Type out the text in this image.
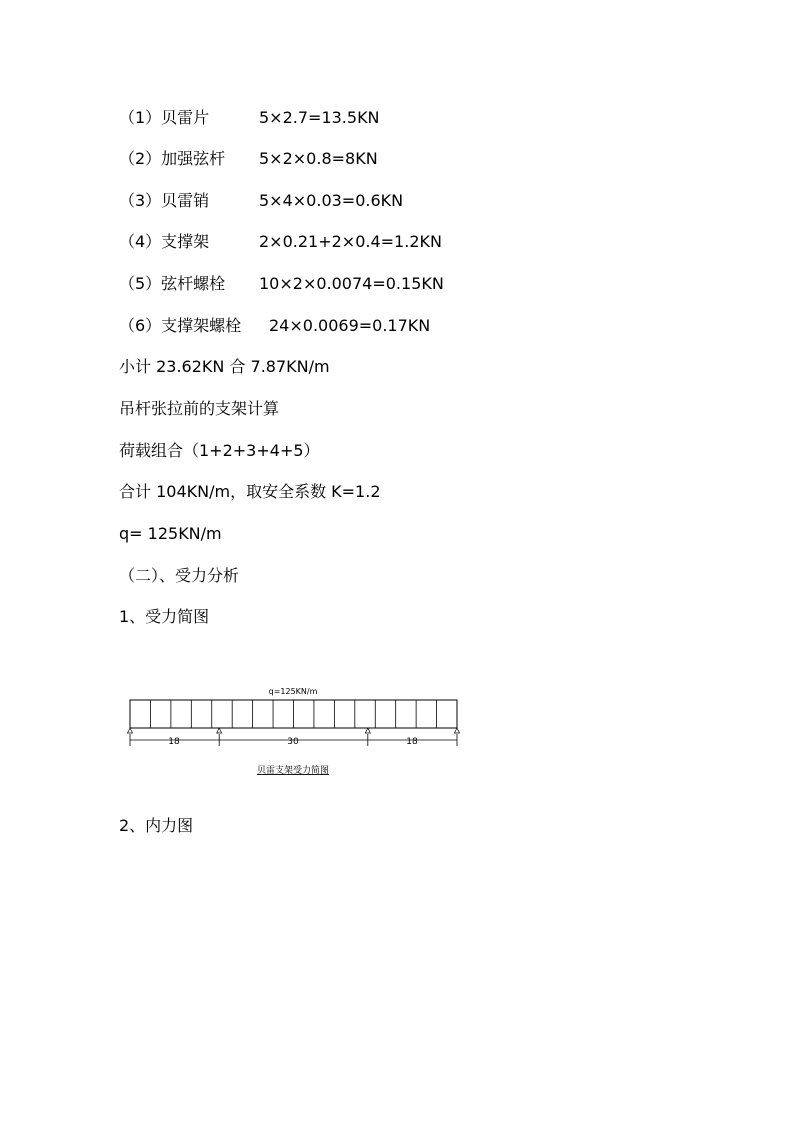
（1）贝雷片	5×2.7=13.5KN
（2）加强弦杆 5×2×0.8=8KN
（3）贝雷销	5×4×0.03=0.6KN
（4）支撑架	2×0.21+2×0.4=1.2KN
（5）弦杆螺栓 10×2×0.0074=0.15KN
（6）支撑架螺栓 24×0.0069=0.17KN
小计 23.62KN 合 7.87KN/m
吊杆张拉前的支架计算
荷载组合（1+2+3+4+5）
合计 104KN/m，取安全系数 K=1.2
q= 125KN/m
（二）、受力分析
1、受力简图
q=125KN/m
18	30	18
贝雷支架受力简图
2、内力图
